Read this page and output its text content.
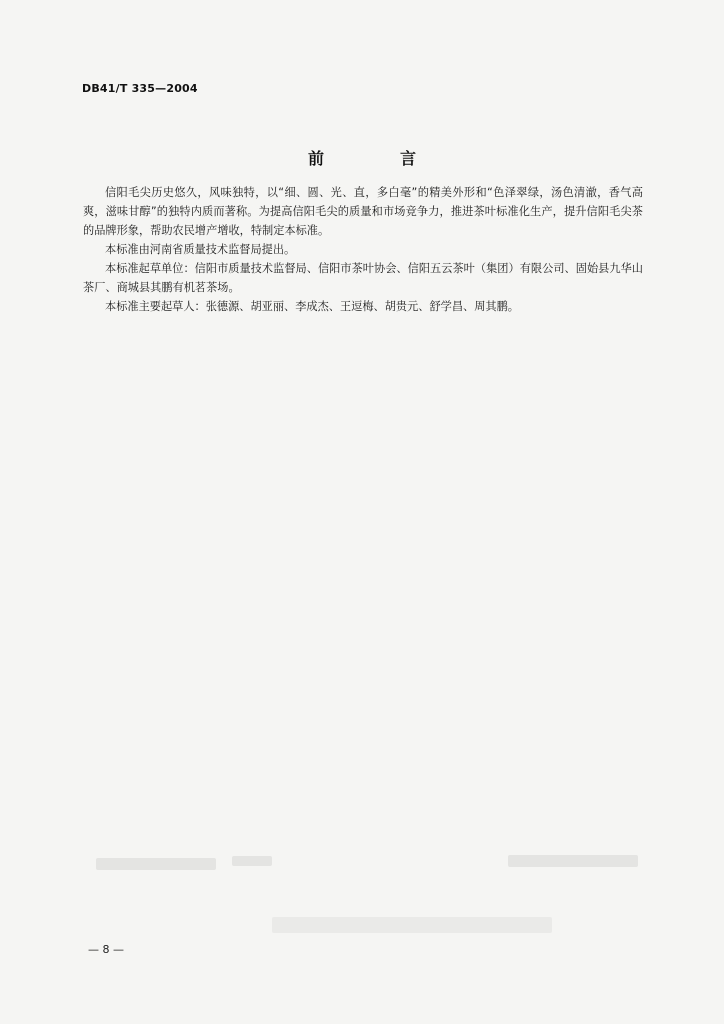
DB41/T 335—2004
前　言

信阳毛尖历史悠久，风味独特，以“细、圆、光、直，多白毫”的精美外形和“色泽翠绿，汤色清澈，香气高爽，滋味甘醇”的独特内质而著称。为提高信阳毛尖的质量和市场竞争力，推进茶叶标准化生产，提升信阳毛尖茶的品牌形象，帮助农民增产增收，特制定本标准。

本标准由河南省质量技术监督局提出。

本标准起草单位：信阳市质量技术监督局、信阳市茶叶协会、信阳五云茶叶（集团）有限公司、固始县九华山茶厂、商城县其鹏有机茗茶场。

本标准主要起草人：张德源、胡亚丽、李成杰、王逗梅、胡贵元、舒学昌、周其鹏。

— 8 —
